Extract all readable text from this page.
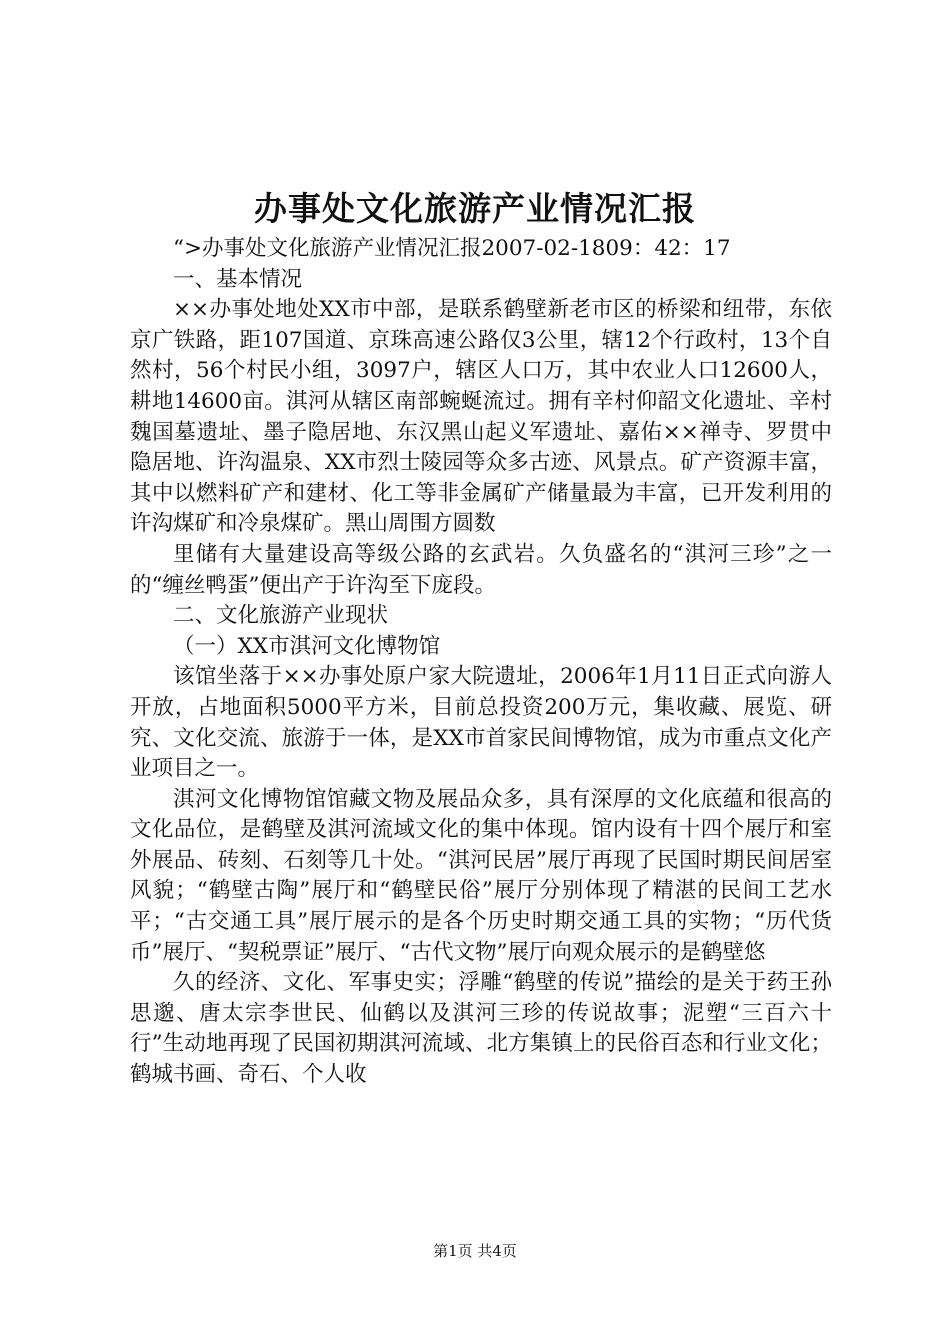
办事处文化旅游产业情况汇报

“>办事处文化旅游产业情况汇报2007-02-1809：42：17

一、基本情况

××办事处地处XX市中部，是联系鹤壁新老市区的桥梁和纽带，东依京广铁路，距107国道、京珠高速公路仅3公里，辖12个行政村，13个自然村，56个村民小组，3097户，辖区人口万，其中农业人口12600人，耕地14600亩。淇河从辖区南部蜿蜒流过。拥有辛村仰韶文化遗址、辛村魏国墓遗址、墨子隐居地、东汉黑山起义军遗址、嘉佑××禅寺、罗贯中隐居地、许沟温泉、XX市烈士陵园等众多古迹、风景点。矿产资源丰富，其中以燃料矿产和建材、化工等非金属矿产储量最为丰富，已开发利用的许沟煤矿和冷泉煤矿。黑山周围方圆数

里储有大量建设高等级公路的玄武岩。久负盛名的“淇河三珍”之一的“缠丝鸭蛋”便出产于许沟至下庞段。

二、文化旅游产业现状

（一）XX市淇河文化博物馆

该馆坐落于××办事处原户家大院遗址，2006年1月11日正式向游人开放，占地面积5000平方米，目前总投资200万元，集收藏、展览、研究、文化交流、旅游于一体，是XX市首家民间博物馆，成为市重点文化产业项目之一。

淇河文化博物馆馆藏文物及展品众多，具有深厚的文化底蕴和很高的文化品位，是鹤壁及淇河流域文化的集中体现。馆内设有十四个展厅和室外展品、砖刻、石刻等几十处。“淇河民居”展厅再现了民国时期民间居室风貌；“鹤壁古陶”展厅和“鹤壁民俗”展厅分别体现了精湛的民间工艺水平；“古交通工具”展厅展示的是各个历史时期交通工具的实物；“历代货币”展厅、“契税票证”展厅、“古代文物”展厅向观众展示的是鹤壁悠

久的经济、文化、军事史实；浮雕“鹤壁的传说”描绘的是关于药王孙思邈、唐太宗李世民、仙鹤以及淇河三珍的传说故事；泥塑“三百六十行”生动地再现了民国初期淇河流域、北方集镇上的民俗百态和行业文化；鹤城书画、奇石、个人收

第1页 共4页
